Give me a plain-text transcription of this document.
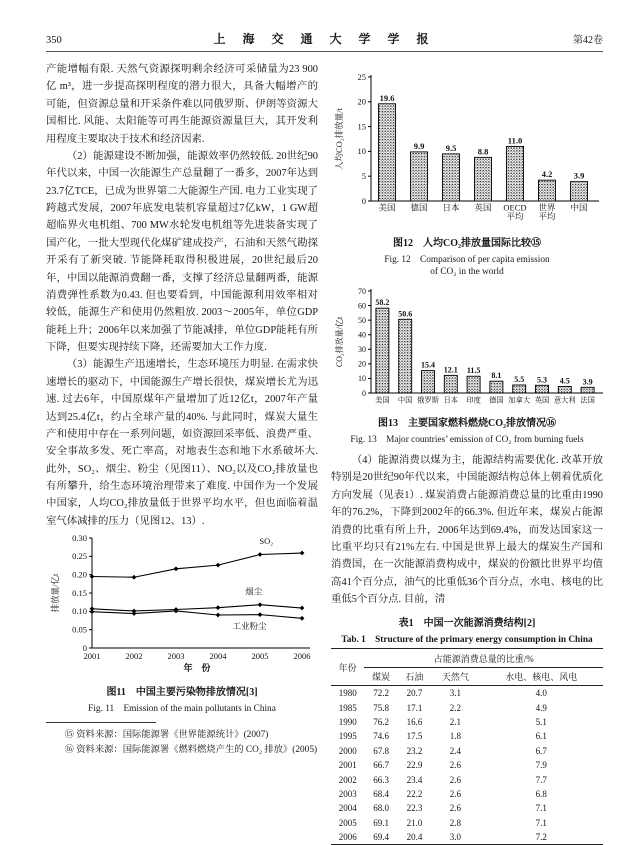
350	上 海 交 通 大 学 学 报	第42卷

产能增幅有限. 天然气资源探明剩余经济可采储量为23 900 亿 m³，进一步提高探明程度的潜力很大，具备大幅增产的可能，但资源总量和开采条件难以同俄罗斯、伊朗等资源大国相比. 风能、太阳能等可再生能源资源量巨大，其开发利用程度主要取决于技术和经济因素.

（2）能源建设不断加强，能源效率仍然较低. 20世纪90年代以来，中国一次能源生产总量翻了一番多，2007年达到23.7亿TCE，已成为世界第二大能源生产国. 电力工业实现了跨越式发展，2007年底发电装机容量超过7亿kW，1 GW超超临界火电机组、700 MW水轮发电机组等先进装备实现了国产化，一批大型现代化煤矿建成投产，石油和天然气勘探开采有了新突破. 节能降耗取得积极进展，20世纪最后20年，中国以能源消费翻一番，支撑了经济总量翻两番，能源消费弹性系数为0.43. 但也要看到，中国能源利用效率相对较低，能源生产和使用仍然粗放. 2003～2005年，单位GDP能耗上升；2006年以来加强了节能减排，单位GDP能耗有所下降，但要实现持续下降，还需要加大工作力度.

（3）能源生产迅速增长，生态环境压力明显. 在需求快速增长的驱动下，中国能源生产增长很快，煤炭增长尤为迅速. 过去6年，中国原煤年产量增加了近12亿t，2007年产量达到25.4亿t，约占全球产量的40%. 与此同时，煤炭大量生产和使用中存在一系列问题，如资源回采率低、浪费严重、安全事故多发、死亡率高，对地表生态和地下水系破坏大. 此外，SO₂、烟尘、粉尘（见图11）、NO₂以及CO₂排放量也有所攀升，给生态环境治理带来了难度. 中国作为一个发展中国家，人均CO₂排放量低于世界平均水平，但也面临着温室气体减排的压力（见图12、13）.

0
0.05
0.10
0.15
0.20
0.25
0.30
排放量/亿t
2001	2002	2003	2004	2005	2006
年　份
SO₂
烟尘
工业粉尘
图11　中国主要污染物排放情况[3]
Fig. 11　Emission of the main pollutants in China

⑮ 资料来源：国际能源署《世界能源统计》(2007)

⑯ 资料来源：国际能源署《燃料燃烧产生的 CO₂ 排放》(2005)

0
5
10
15
20
25
人均CO₂排放量/t
19.6
美国
9.9
德国
9.5
日本
8.8
英国
11.0
OECD
平均
4.2
世界
平均
3.9
中国
图12　人均CO₂排放量国际比较⑮
Fig. 12　Comparison of per capita emission
of CO₂ in the world
0
10
20
30
40
50
60
70
CO₂排放量/亿t
58.2
美国
50.6
中国
15.4
俄罗斯
12.1
日本
11.5
印度
8.1
德国
5.5
加拿大
5.3
英国
4.5
意大利
3.9
法国
图13　主要国家燃料燃烧CO₂排放情况⑯
Fig. 13　Major countries’ emission of CO₂ from burning fuels

（4）能源消费以煤为主，能源结构需要优化. 改革开放特别是20世纪90年代以来，中国能源结构总体上朝着优质化方向发展（见表1）. 煤炭消费占能源消费总量的比重由1990年的76.2%，下降到2002年的66.3%. 但近年来，煤炭占能源消费的比重有所上升，2006年达到69.4%，而发达国家这一比重平均只有21%左右. 中国是世界上最大的煤炭生产国和消费国，在一次能源消费构成中，煤炭的份额比世界平均值高41个百分点，油气的比重低36个百分点，水电、核电的比重低5个百分点. 目前，清

表1　中国一次能源消费结构[2]
Tab. 1　Structure of the primary energy consumption in China
年份	占能源消费总量的比重/%			
	煤炭	石油	天然气	水电、核电、风电
1980	72.2	20.7	3.1	4.0
1985	75.8	17.1	2.2	4.9
1990	76.2	16.6	2.1	5.1
1995	74.6	17.5	1.8	6.1
2000	67.8	23.2	2.4	6.7
2001	66.7	22.9	2.6	7.9
2002	66.3	23.4	2.6	7.7
2003	68.4	22.2	2.6	6.8
2004	68.0	22.3	2.6	7.1
2005	69.1	21.0	2.8	7.1
2006	69.4	20.4	3.0	7.2
